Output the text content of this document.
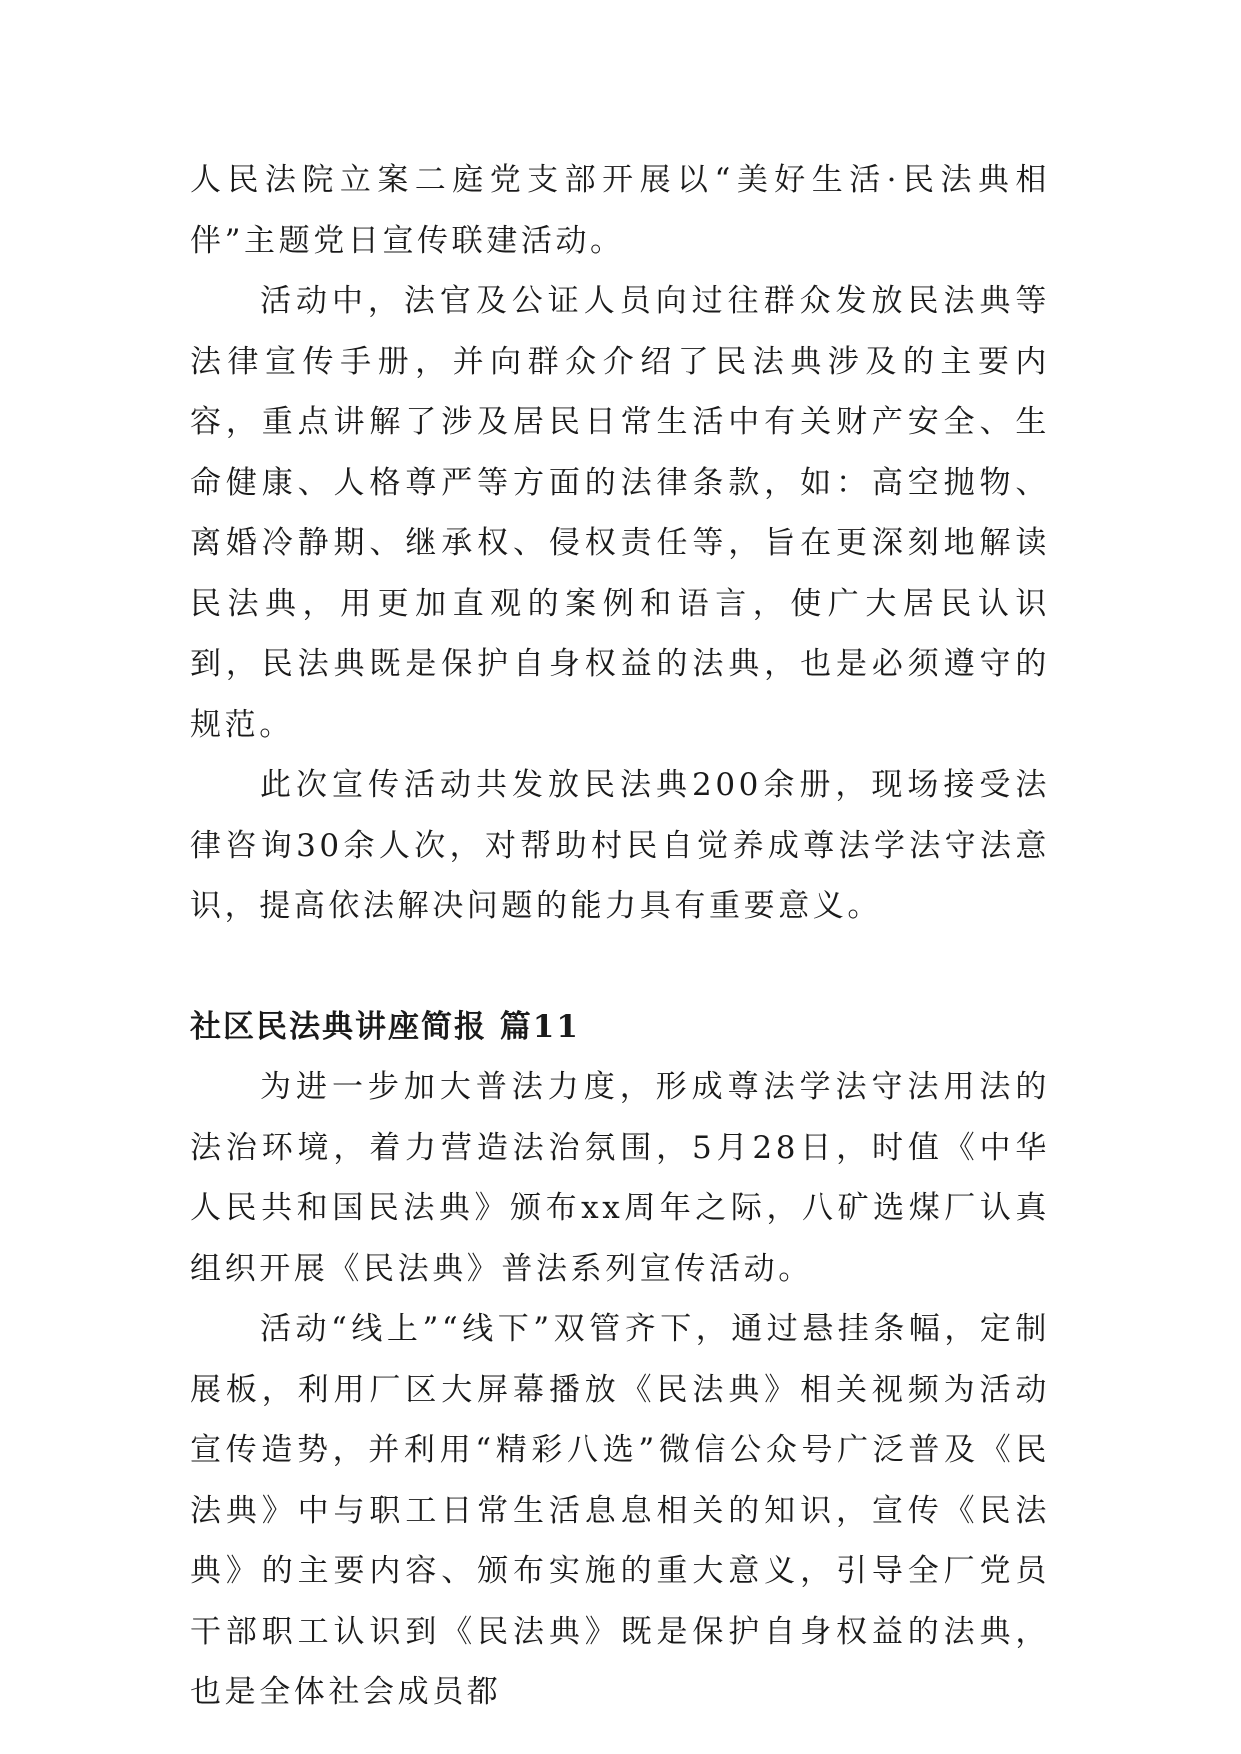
人民法院立案二庭党支部开展以“美好生活·民法典相伴”主题党日宣传联建活动。

活动中，法官及公证人员向过往群众发放民法典等法律宣传手册，并向群众介绍了民法典涉及的主要内容，重点讲解了涉及居民日常生活中有关财产安全、生命健康、人格尊严等方面的法律条款，如：高空抛物、离婚冷静期、继承权、侵权责任等，旨在更深刻地解读民法典，用更加直观的案例和语言，使广大居民认识到，民法典既是保护自身权益的法典，也是必须遵守的规范。

此次宣传活动共发放民法典200余册，现场接受法律咨询30余人次，对帮助村民自觉养成尊法学法守法意识，提高依法解决问题的能力具有重要意义。

社区民法典讲座简报 篇11

为进一步加大普法力度，形成尊法学法守法用法的法治环境，着力营造法治氛围，5月28日，时值《中华人民共和国民法典》颁布xx周年之际，八矿选煤厂认真组织开展《民法典》普法系列宣传活动。

活动“线上”“线下”双管齐下，通过悬挂条幅，定制展板，利用厂区大屏幕播放《民法典》相关视频为活动宣传造势，并利用“精彩八选”微信公众号广泛普及《民法典》中与职工日常生活息息相关的知识，宣传《民法典》的主要内容、颁布实施的重大意义，引导全厂党员干部职工认识到《民法典》既是保护自身权益的法典，也是全体社会成员都
